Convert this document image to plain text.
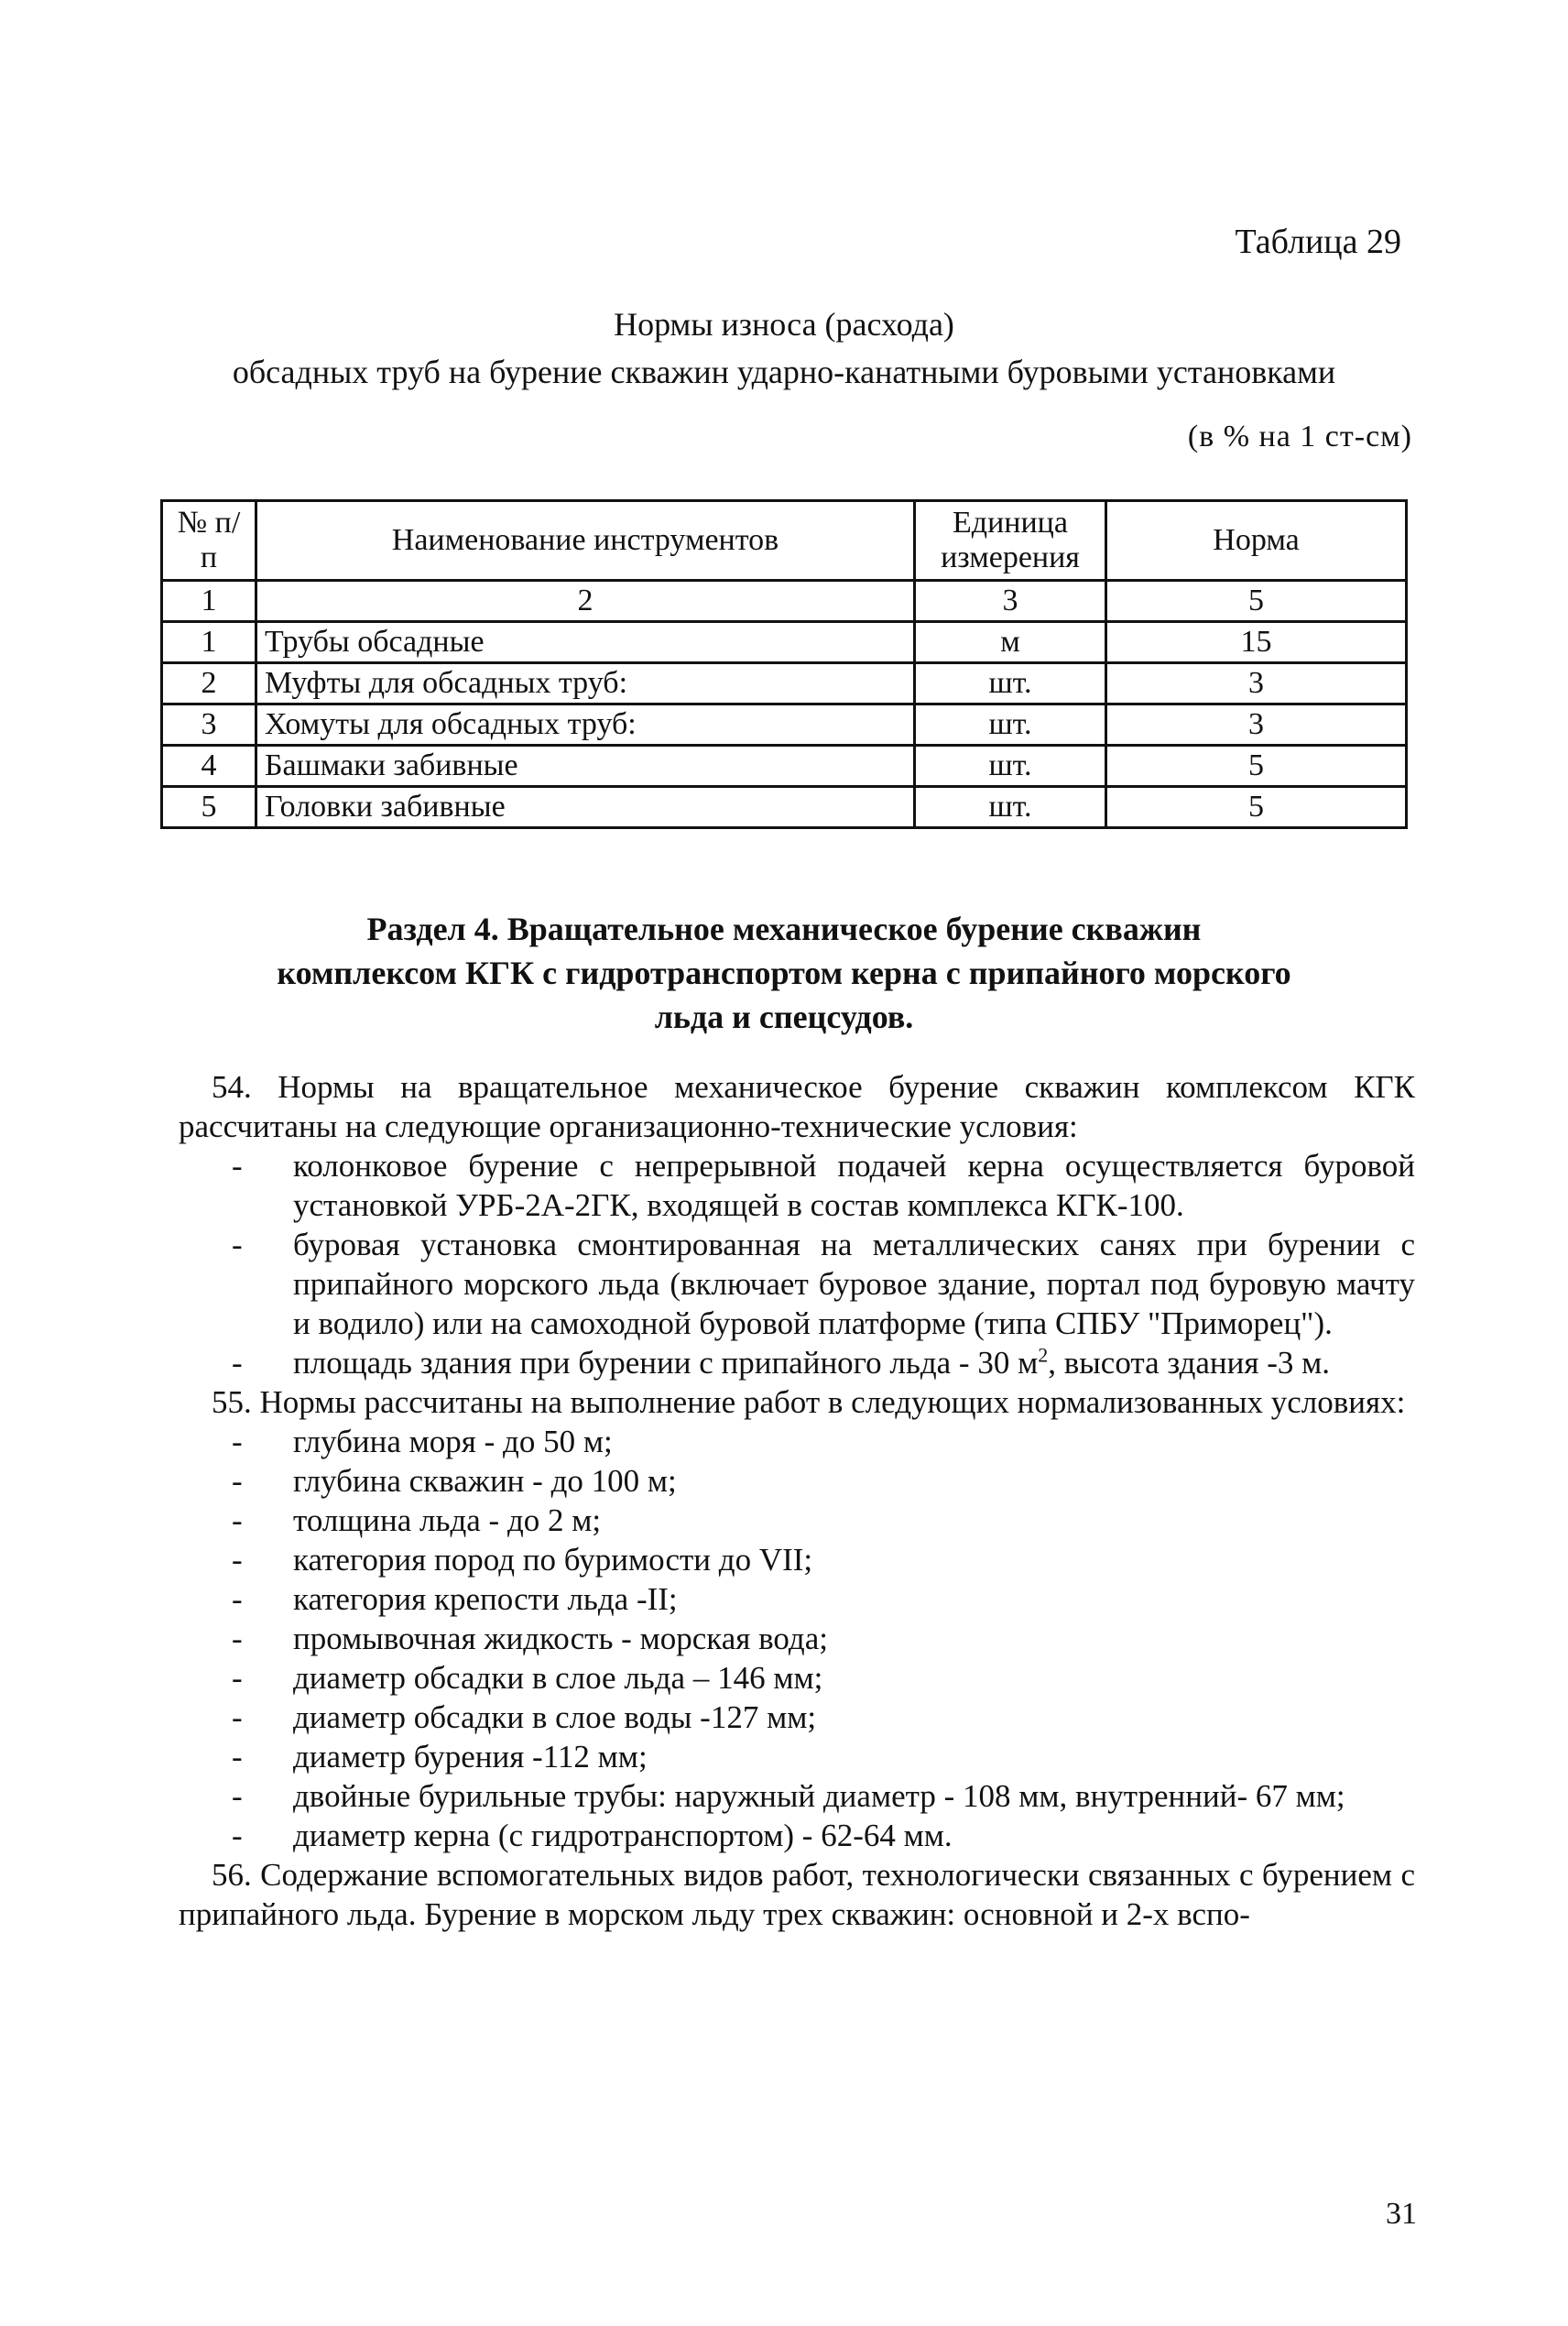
Таблица 29
Нормы износа (расхода)
обсадных труб на бурение скважин ударно-канатными буровыми установками
(в % на 1 ст-см)
№ п/п	Наименование инструментов	Единица измерения	Норма
1	2	3	5
1	Трубы обсадные	м	15
2	Муфты для обсадных труб:	шт.	3
3	Хомуты для обсадных труб:	шт.	3
4	Башмаки забивные	шт.	5
5	Головки забивные	шт.	5
Раздел 4. Вращательное механическое бурение скважин
комплексом КГК с гидротранспортом керна с припайного морского
льда и спецсудов.

54. Нормы на вращательное механическое бурение скважин комплексом КГК рассчитаны на следующие организационно-технические условия:

- колонковое бурение с непрерывной подачей керна осуществляется буровой установкой УРБ-2А-2ГК, входящей в состав комплекса КГК-100.

- буровая установка смонтированная на металлических санях при бурении с припайного морского льда (включает буровое здание, портал под буровую мачту и водило) или на самоходной буровой платформе (типа СПБУ "Приморец").

- площадь здания при бурении с припайного льда - 30 $м^2$, высота здания -3 м.

55. Нормы рассчитаны на выполнение работ в следующих нормализованных условиях:

- глубина моря - до 50 м;

- глубина скважин - до 100 м;

- толщина льда - до 2 м;

- категория пород по буримости до VII;

- категория крепости льда -II;

- промывочная жидкость - морская вода;

- диаметр обсадки в слое льда – 146 мм;

- диаметр обсадки в слое воды -127 мм;

- диаметр бурения -112 мм;

- двойные бурильные трубы: наружный диаметр - 108 мм, внутренний- 67 мм;

- диаметр керна (с гидротранспортом) - 62-64 мм.

56. Содержание вспомогательных видов работ, технологически связанных с бурением с припайного льда. Бурение в морском льду трех скважин: основной и 2-х вспо-

31
